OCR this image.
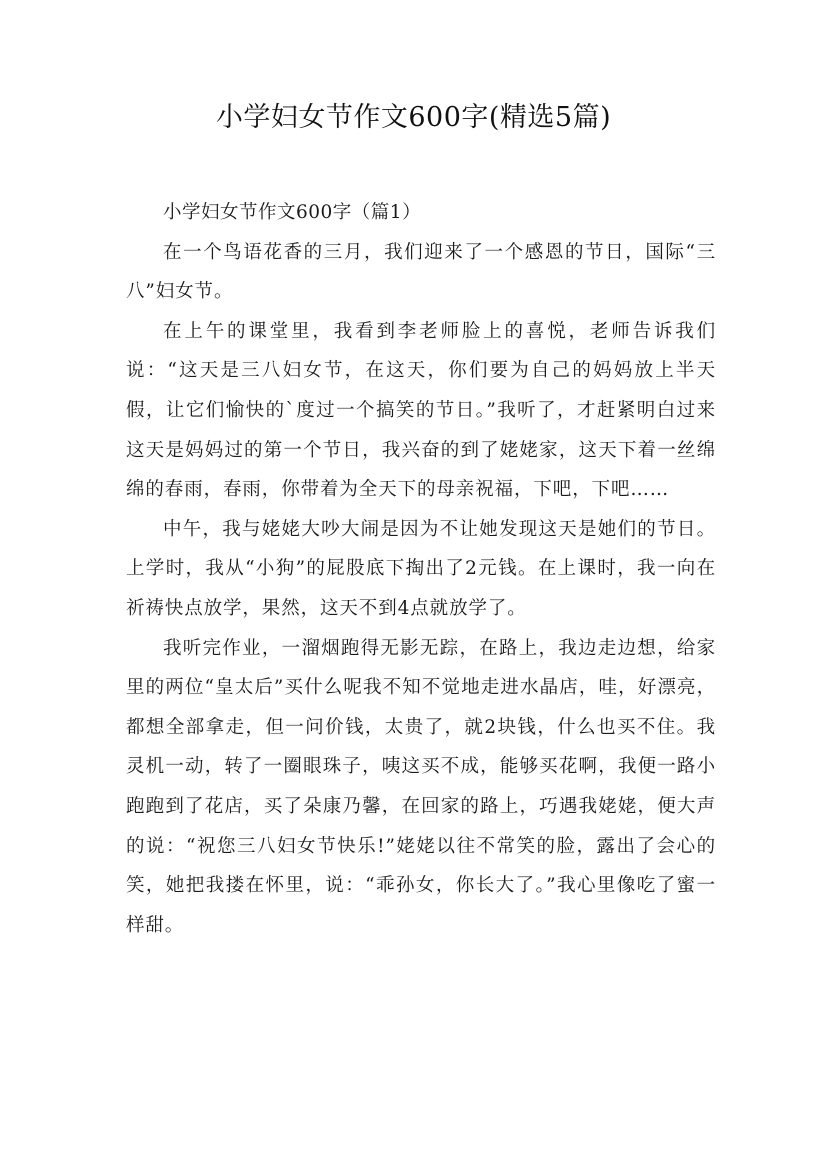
小学妇女节作文600字(精选5篇)

小学妇女节作文600字（篇1）

在一个鸟语花香的三月，我们迎来了一个感恩的节日，国际“三八”妇女节。

在上午的课堂里，我看到李老师脸上的喜悦，老师告诉我们说：“这天是三八妇女节，在这天，你们要为自己的妈妈放上半天假，让它们愉快的`度过一个搞笑的节日。”我听了，才赶紧明白过来这天是妈妈过的第一个节日，我兴奋的到了姥姥家，这天下着一丝绵绵的春雨，春雨，你带着为全天下的母亲祝福，下吧，下吧……

中午，我与姥姥大吵大闹是因为不让她发现这天是她们的节日。上学时，我从“小狗”的屁股底下掏出了2元钱。在上课时，我一向在祈祷快点放学，果然，这天不到4点就放学了。

我听完作业，一溜烟跑得无影无踪，在路上，我边走边想，给家里的两位“皇太后”买什么呢我不知不觉地走进水晶店，哇，好漂亮，都想全部拿走，但一问价钱，太贵了，就2块钱，什么也买不住。我灵机一动，转了一圈眼珠子，咦这买不成，能够买花啊，我便一路小跑跑到了花店，买了朵康乃馨，在回家的路上，巧遇我姥姥，便大声的说：“祝您三八妇女节快乐!”姥姥以往不常笑的脸，露出了会心的笑，她把我搂在怀里，说：“乖孙女，你长大了。”我心里像吃了蜜一样甜。
